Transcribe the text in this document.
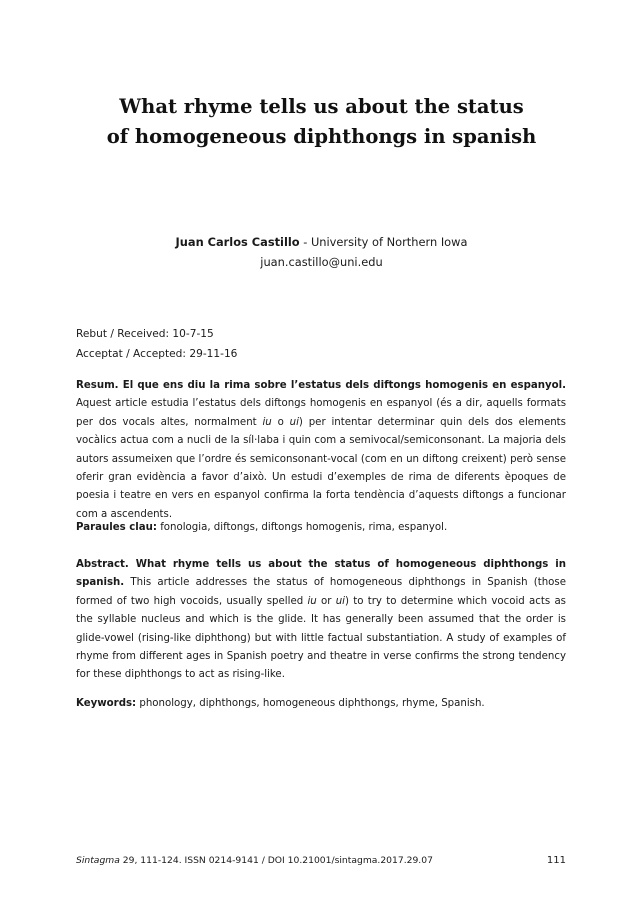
What rhyme tells us about the status
of homogeneous diphthongs in spanish
Juan Carlos Castillo - University of Northern Iowa
juan.castillo@uni.edu
Rebut / Received: 10-7-15
Acceptat / Accepted: 29-11-16
Resum. El que ens diu la rima sobre l’estatus dels diftongs homogenis en espanyol. Aquest article estudia l’estatus dels diftongs homogenis en espanyol (és a dir, aquells formats per dos vocals altes, normalment iu o ui) per intentar determinar quin dels dos elements vocàlics actua com a nucli de la síl·laba i quin com a semivocal/semiconsonant. La majoria dels autors assumeixen que l’ordre és semiconsonant-vocal (com en un diftong creixent) però sense oferir gran evidència a favor d’això. Un estudi d’exemples de rima de diferents èpoques de poesia i teatre en vers en espanyol confirma la forta tendència d’aquests diftongs a funcionar com a ascendents.
Paraules clau: fonologia, diftongs, diftongs homogenis, rima, espanyol.
Abstract. What rhyme tells us about the status of homogeneous diphthongs in spanish. This article addresses the status of homogeneous diphthongs in Spanish (those formed of two high vocoids, usually spelled iu or ui) to try to determine which vocoid acts as the syllable nucleus and which is the glide. It has generally been assumed that the order is glide-vowel (rising-like diphthong) but with little factual substantiation. A study of examples of rhyme from different ages in Spanish poetry and theatre in verse confirms the strong tendency for these diphthongs to act as rising-like.
Keywords: phonology, diphthongs, homogeneous diphthongs, rhyme, Spanish.
Sintagma 29, 111-124. ISSN 0214-9141 / DOI 10.21001/sintagma.2017.29.07	111
